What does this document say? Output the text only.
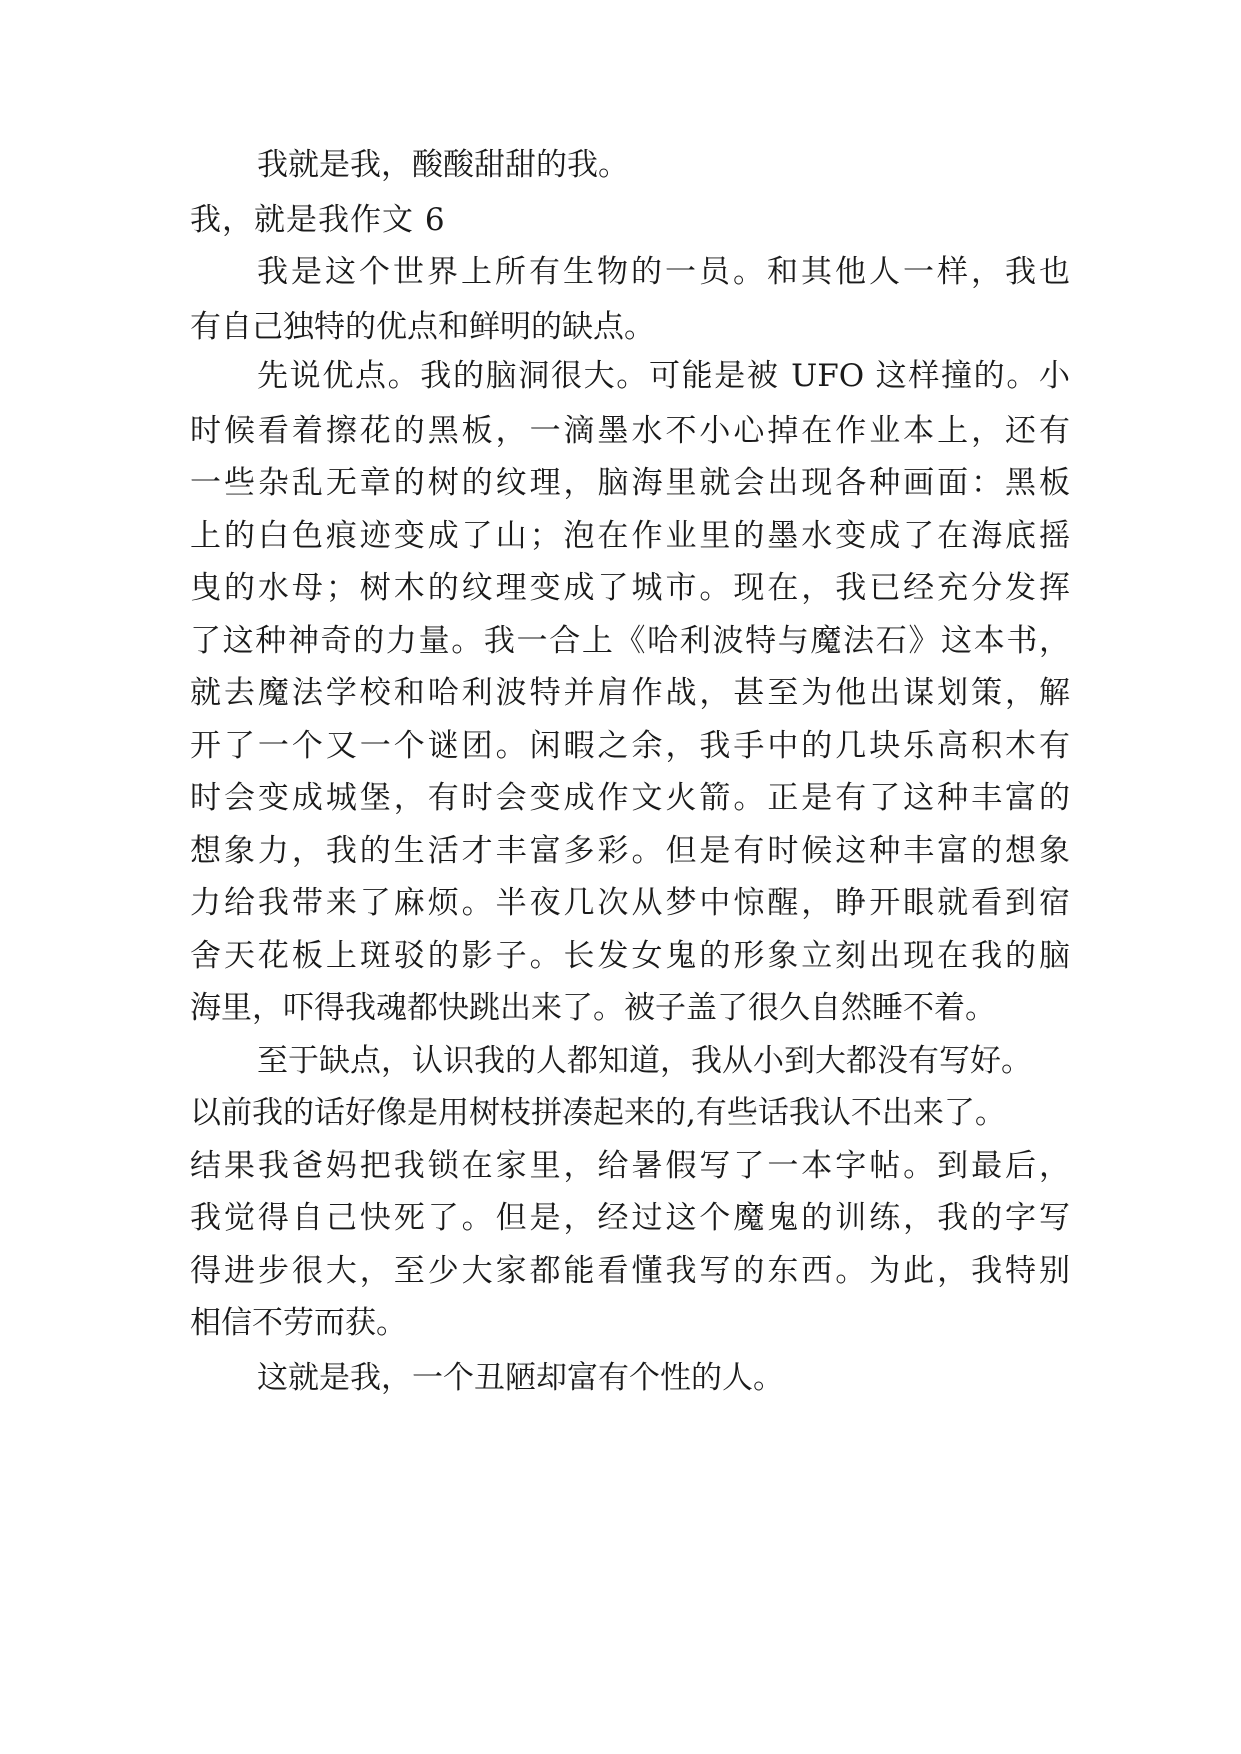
我就是我，酸酸甜甜的我。
我，就是我作文 6
我是这个世界上所有生物的一员。和其他人一样，我也
有自己独特的优点和鲜明的缺点。
先说优点。我的脑洞很大。可能是被 UFO 这样撞的。小
时候看着擦花的黑板，一滴墨水不小心掉在作业本上，还有
一些杂乱无章的树的纹理，脑海里就会出现各种画面：黑板
上的白色痕迹变成了山；泡在作业里的墨水变成了在海底摇
曳的水母；树木的纹理变成了城市。现在，我已经充分发挥
了这种神奇的力量。我一合上《哈利波特与魔法石》这本书，
就去魔法学校和哈利波特并肩作战，甚至为他出谋划策，解
开了一个又一个谜团。闲暇之余，我手中的几块乐高积木有
时会变成城堡，有时会变成作文火箭。正是有了这种丰富的
想象力，我的生活才丰富多彩。但是有时候这种丰富的想象
力给我带来了麻烦。半夜几次从梦中惊醒，睁开眼就看到宿
舍天花板上斑驳的影子。长发女鬼的形象立刻出现在我的脑
海里，吓得我魂都快跳出来了。被子盖了很久自然睡不着。
至于缺点，认识我的人都知道，我从小到大都没有写好。
以前我的话好像是用树枝拼凑起来的,有些话我认不出来了。
结果我爸妈把我锁在家里，给暑假写了一本字帖。到最后，
我觉得自己快死了。但是，经过这个魔鬼的训练，我的字写
得进步很大，至少大家都能看懂我写的东西。为此，我特别
相信不劳而获。
这就是我，一个丑陋却富有个性的人。
